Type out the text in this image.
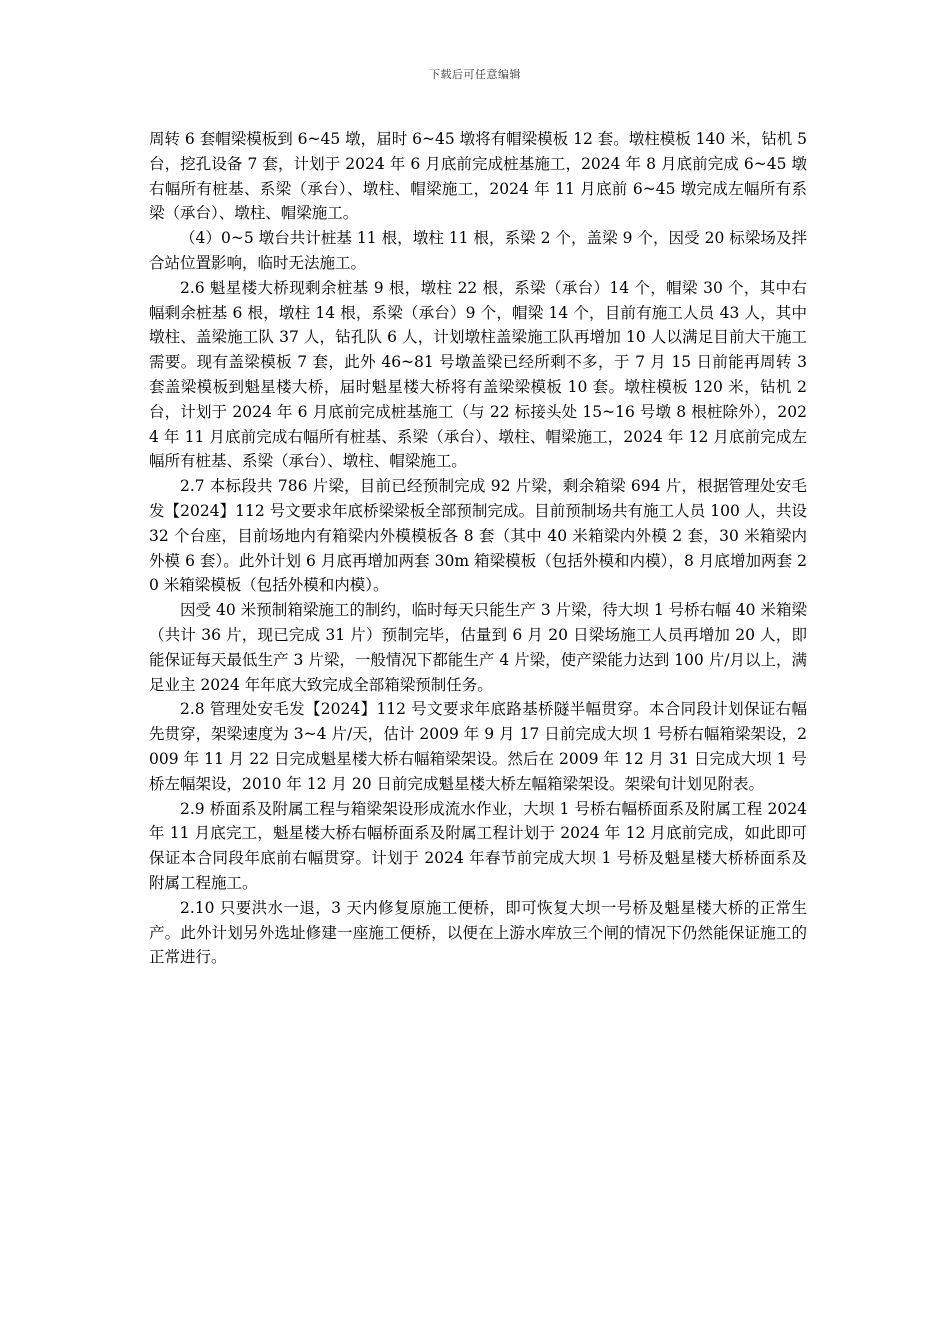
下载后可任意编辑

周转 6 套帽梁模板到 6~45 墩，届时 6~45 墩将有帽梁模板 12 套。墩柱模板 140 米，钻机 5 台，挖孔设备 7 套，计划于 2024 年 6 月底前完成桩基施工，2024 年 8 月底前完成 6~45 墩右幅所有桩基、系梁（承台）、墩柱、帽梁施工，2024 年 11 月底前 6~45 墩完成左幅所有系梁（承台）、墩柱、帽梁施工。

（4）0~5 墩台共计桩基 11 根，墩柱 11 根，系梁 2 个，盖梁 9 个，因受 20 标梁场及拌合站位置影响，临时无法施工。

2.6 魁星楼大桥现剩余桩基 9 根，墩柱 22 根，系梁（承台）14 个，帽梁 30 个，其中右幅剩余桩基 6 根，墩柱 14 根，系梁（承台）9 个，帽梁 14 个，目前有施工人员 43 人，其中墩柱、盖梁施工队 37 人，钻孔队 6 人，计划墩柱盖梁施工队再增加 10 人以满足目前大干施工需要。现有盖梁模板 7 套，此外 46~81 号墩盖梁已经所剩不多，于 7 月 15 日前能再周转 3 套盖梁模板到魁星楼大桥，届时魁星楼大桥将有盖梁梁模板 10 套。墩柱模板 120 米，钻机 2 台，计划于 2024 年 6 月底前完成桩基施工（与 22 标接头处 15~16 号墩 8 根桩除外），2024 年 11 月底前完成右幅所有桩基、系梁（承台）、墩柱、帽梁施工，2024 年 12 月底前完成左幅所有桩基、系梁（承台）、墩柱、帽梁施工。

2.7 本标段共 786 片梁，目前已经预制完成 92 片梁，剩余箱梁 694 片，根据管理处安毛发【2024】112 号文要求年底桥梁梁板全部预制完成。目前预制场共有施工人员 100 人，共设 32 个台座，目前场地内有箱梁内外模模板各 8 套（其中 40 米箱梁内外模 2 套，30 米箱梁内外模 6 套）。此外计划 6 月底再增加两套 30m 箱梁模板（包括外模和内模），8 月底增加两套 20 米箱梁模板（包括外模和内模）。

因受 40 米预制箱梁施工的制约，临时每天只能生产 3 片梁，待大坝 1 号桥右幅 40 米箱梁（共计 36 片，现已完成 31 片）预制完毕，估量到 6 月 20 日梁场施工人员再增加 20 人，即能保证每天最低生产 3 片梁，一般情况下都能生产 4 片梁，使产梁能力达到 100 片/月以上，满足业主 2024 年年底大致完成全部箱梁预制任务。

2.8 管理处安毛发【2024】112 号文要求年底路基桥隧半幅贯穿。本合同段计划保证右幅先贯穿，架梁速度为 3~4 片/天，估计 2009 年 9 月 17 日前完成大坝 1 号桥右幅箱梁架设，2009 年 11 月 22 日完成魁星楼大桥右幅箱梁架设。然后在 2009 年 12 月 31 日完成大坝 1 号桥左幅架设，2010 年 12 月 20 日前完成魁星楼大桥左幅箱梁架设。架梁旬计划见附表。

2.9 桥面系及附属工程与箱梁架设形成流水作业，大坝 1 号桥右幅桥面系及附属工程 2024 年 11 月底完工，魁星楼大桥右幅桥面系及附属工程计划于 2024 年 12 月底前完成，如此即可保证本合同段年底前右幅贯穿。计划于 2024 年春节前完成大坝 1 号桥及魁星楼大桥桥面系及附属工程施工。

2.10 只要洪水一退，3 天内修复原施工便桥，即可恢复大坝一号桥及魁星楼大桥的正常生产。此外计划另外选址修建一座施工便桥，以便在上游水库放三个闸的情况下仍然能保证施工的正常进行。
